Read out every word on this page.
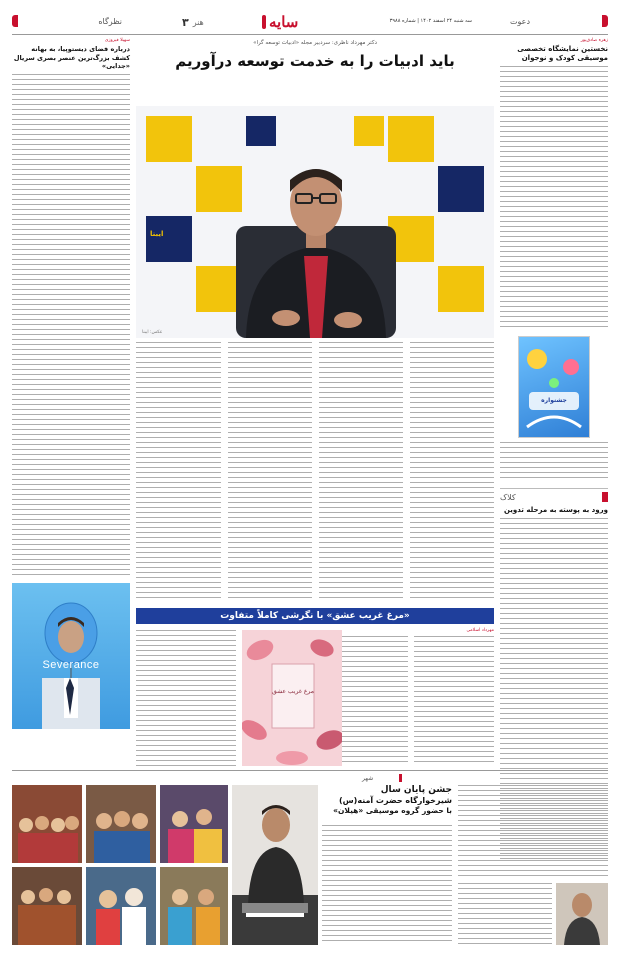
سایه	سه شنبه ۲۴ اسفند ۱۴۰۲ | شماره ۳۹۸۸
۳ هنر
نظرگاه	دعوت
زهره صادق‌پور
نخستین نمایشگاه تخصصی موسیقی کودک و نوجوان
جشنواره
کلاک
ورود به پوسته‌ به مرحله تدوین
سهیلا فیروزی
درباره فضای دیستوپیا، به بهانه کشف بزرگ‌ترین عنصر بصری سریال «جدایی»
Severance
دکتر مهرداد ناظری: سردبیر مجله «ادبیات توسعه گرا»
باید ادبیات را به خدمت توسعه درآوریم
ایبنا
عکس: ایبنا
«مرغ غریب عشق» با نگرشی کاملاً متفاوت
مهرداد اسلامی
مرغ غریب عشق
شهر
جشن پایان سال
شیرخوارگاه حضرت آمنه(س)
با حضور گروه موسیقی «هیلان»
